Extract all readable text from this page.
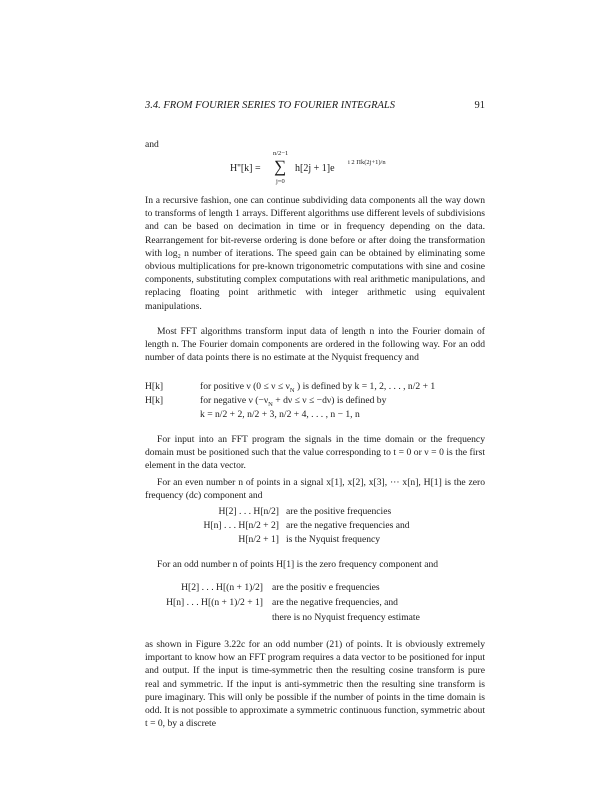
3.4. FROM FOURIER SERIES TO FOURIER INTEGRALS	91
and
H''[k] =
n/2−1
∑
j=0
h[2j + 1]e
i 2 Πk(2j+1)/n

In a recursive fashion, one can continue subdividing data components all the way down to transforms of length 1 arrays. Different algorithms use different levels of subdivisions and can be based on decimation in time or in frequency depending on the data. Rearrangement for bit-reverse ordering is done before or after doing the transformation with log₂ n number of iterations. The speed gain can be obtained by eliminating some obvious multiplications for pre-known trigonometric computations with sine and cosine components, substituting complex computations with real arithmetic manipulations, and replacing floating point arithmetic with integer arithmetic using equivalent manipulations.

Most FFT algorithms transform input data of length n into the Fourier domain of length n. The Fourier domain components are ordered in the following way. For an odd number of data points there is no estimate at the Nyquist frequency and

H[k]	for positive ν ($0 \le \nu \le \nu_N$ ) is defined by k = 1, 2, . . . , n/2 + 1
H[k]	for negative ν $(-\nu_N + d\nu \le \nu \le -d\nu)$ is defined by
k = n/2 + 2, n/2 + 3, n/2 + 4, . . . , n − 1, n

For input into an FFT program the signals in the time domain or the frequency domain must be positioned such that the value corresponding to t = 0 or ν = 0 is the first element in the data vector.

For an even number n of points in a signal x[1], x[2], x[3], ··· x[n], H[1] is the zero frequency (dc) component and

H[2] . . . H[n/2] are the positive frequencies
H[n] . . . H[n/2 + 2] are the negative frequencies and
H[n/2 + 1] is the Nyquist frequency

For an odd number n of points H[1] is the zero frequency component and

H[2] . . . H[(n + 1)/2] are the positiv e frequencies
H[n] . . . H[(n + 1)/2 + 1] are the negative frequencies, and
there is no Nyquist frequency estimate

as shown in Figure 3.22c for an odd number (21) of points. It is obviously extremely important to know how an FFT program requires a data vector to be positioned for input and output. If the input is time-symmetric then the resulting cosine transform is pure real and symmetric. If the input is anti-symmetric then the resulting sine transform is pure imaginary. This will only be possible if the number of points in the time domain is odd. It is not possible to approximate a symmetric continuous function, symmetric about t = 0, by a discrete
